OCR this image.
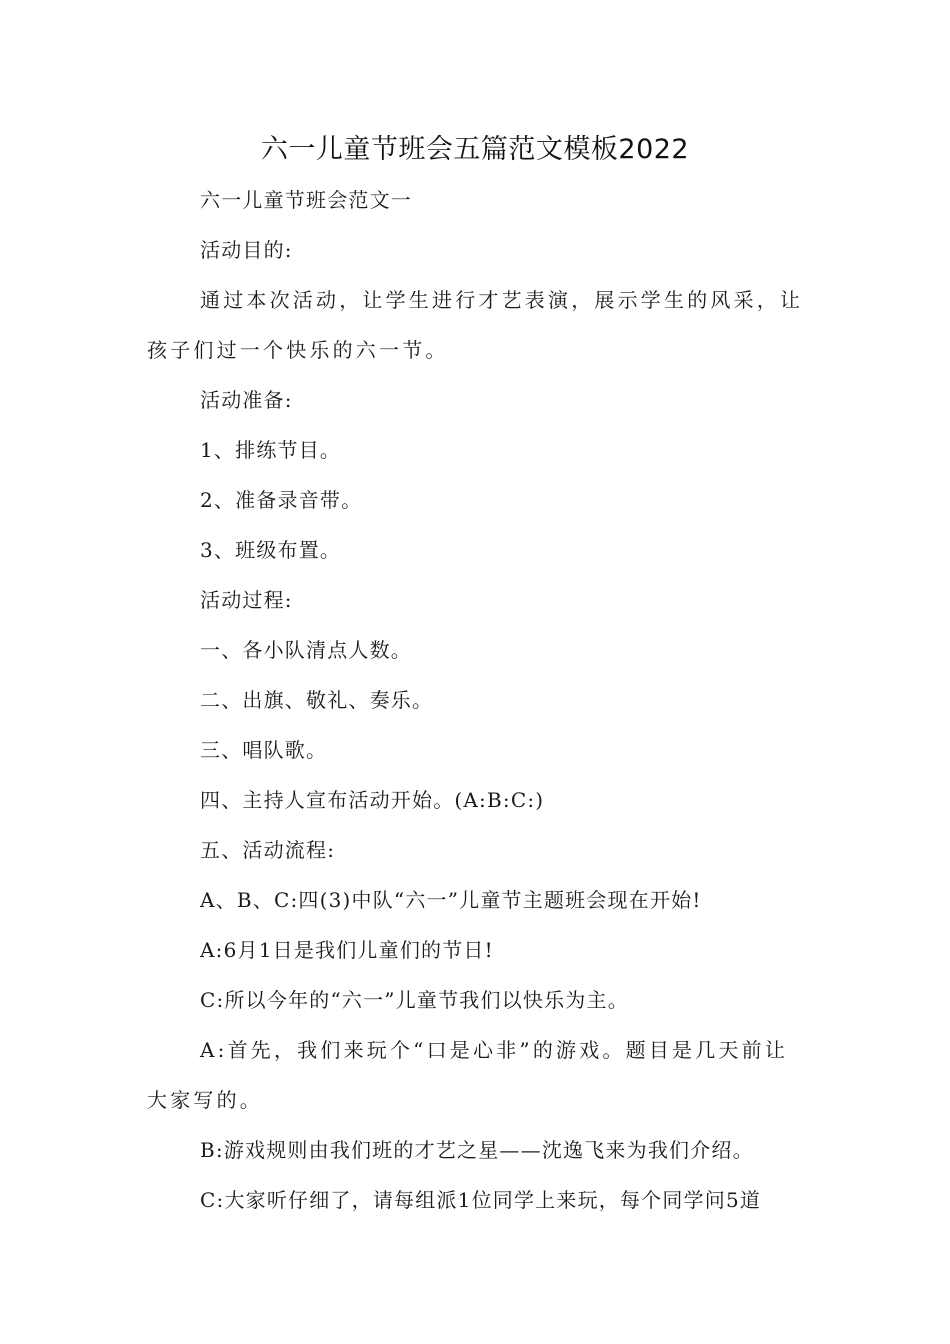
六一儿童节班会五篇范文模板2022

六一儿童节班会范文一

活动目的:

通过本次活动，让学生进行才艺表演，展示学生的风采，让孩子们过一个快乐的六一节。

活动准备:

1、排练节目。

2、准备录音带。

3、班级布置。

活动过程:

一、各小队清点人数。

二、出旗、敬礼、奏乐。

三、唱队歌。

四、主持人宣布活动开始。(A:B:C:)

五、活动流程:

A、B、C:四(3)中队“六一”儿童节主题班会现在开始!

A:6月1日是我们儿童们的节日!

C:所以今年的“六一”儿童节我们以快乐为主。

A:首先，我们来玩个“口是心非”的游戏。题目是几天前让大家写的。

B:游戏规则由我们班的才艺之星——沈逸飞来为我们介绍。

C:大家听仔细了，请每组派1位同学上来玩，每个同学问5道
